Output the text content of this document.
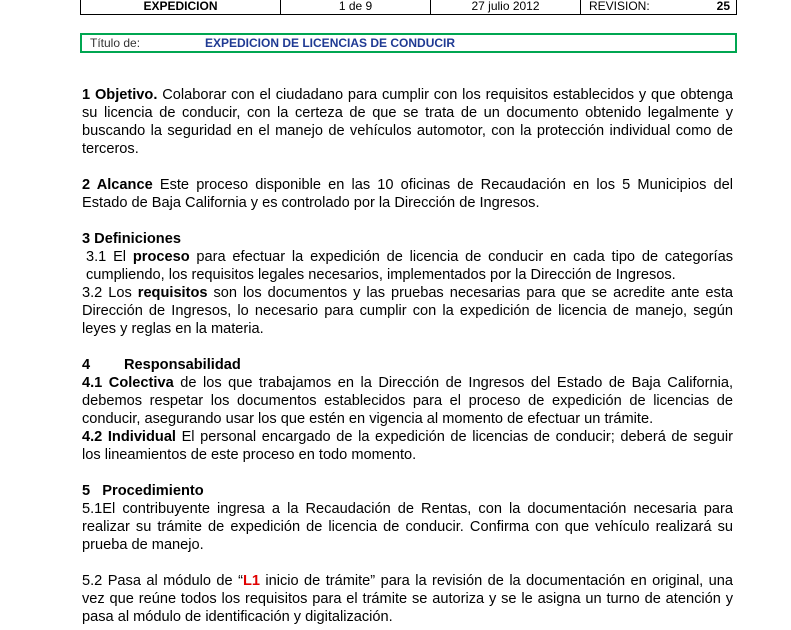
EXPEDICION	1 de 9	27 julio 2012	REVISION:	25
Título de:	EXPEDICION DE LICENCIAS DE CONDUCIR

1 Objetivo. Colaborar con el ciudadano para cumplir con los requisitos establecidos y que obtenga su licencia de conducir, con la certeza de que se trata de un documento obtenido legalmente y buscando la seguridad en el manejo de vehículos automotor, con la protección individual como de terceros.

2 Alcance Este proceso disponible en las 10 oficinas de Recaudación en los 5 Municipios del Estado de Baja California y es controlado por la Dirección de Ingresos.

3 Definiciones

3.1 El proceso para efectuar la expedición de licencia de conducir en cada tipo de categorías cumpliendo, los requisitos legales necesarios, implementados por la Dirección de Ingresos.

3.2 Los requisitos son los documentos y las pruebas necesarias para que se acredite ante esta Dirección de Ingresos, lo necesario para cumplir con la expedición de licencia de manejo, según leyes y reglas en la materia.

4 Responsabilidad

4.1 Colectiva de los que trabajamos en la Dirección de Ingresos del Estado de Baja California, debemos respetar los documentos establecidos para el proceso de expedición de licencias de conducir, asegurando usar los que estén en vigencia al momento de efectuar un trámite.

4.2 Individual El personal encargado de la expedición de licencias de conducir; deberá de seguir los lineamientos de este proceso en todo momento.

5   Procedimiento

5.1El contribuyente ingresa a la Recaudación de Rentas, con la documentación necesaria para realizar su trámite de expedición de licencia de conducir. Confirma con que vehículo realizará su prueba de manejo.

5.2 Pasa al módulo de “L1 inicio de trámite” para la revisión de la documentación en original, una vez que reúne todos los requisitos para el trámite se autoriza y se le asigna un turno de atención y pasa al módulo de identificación y digitalización.
